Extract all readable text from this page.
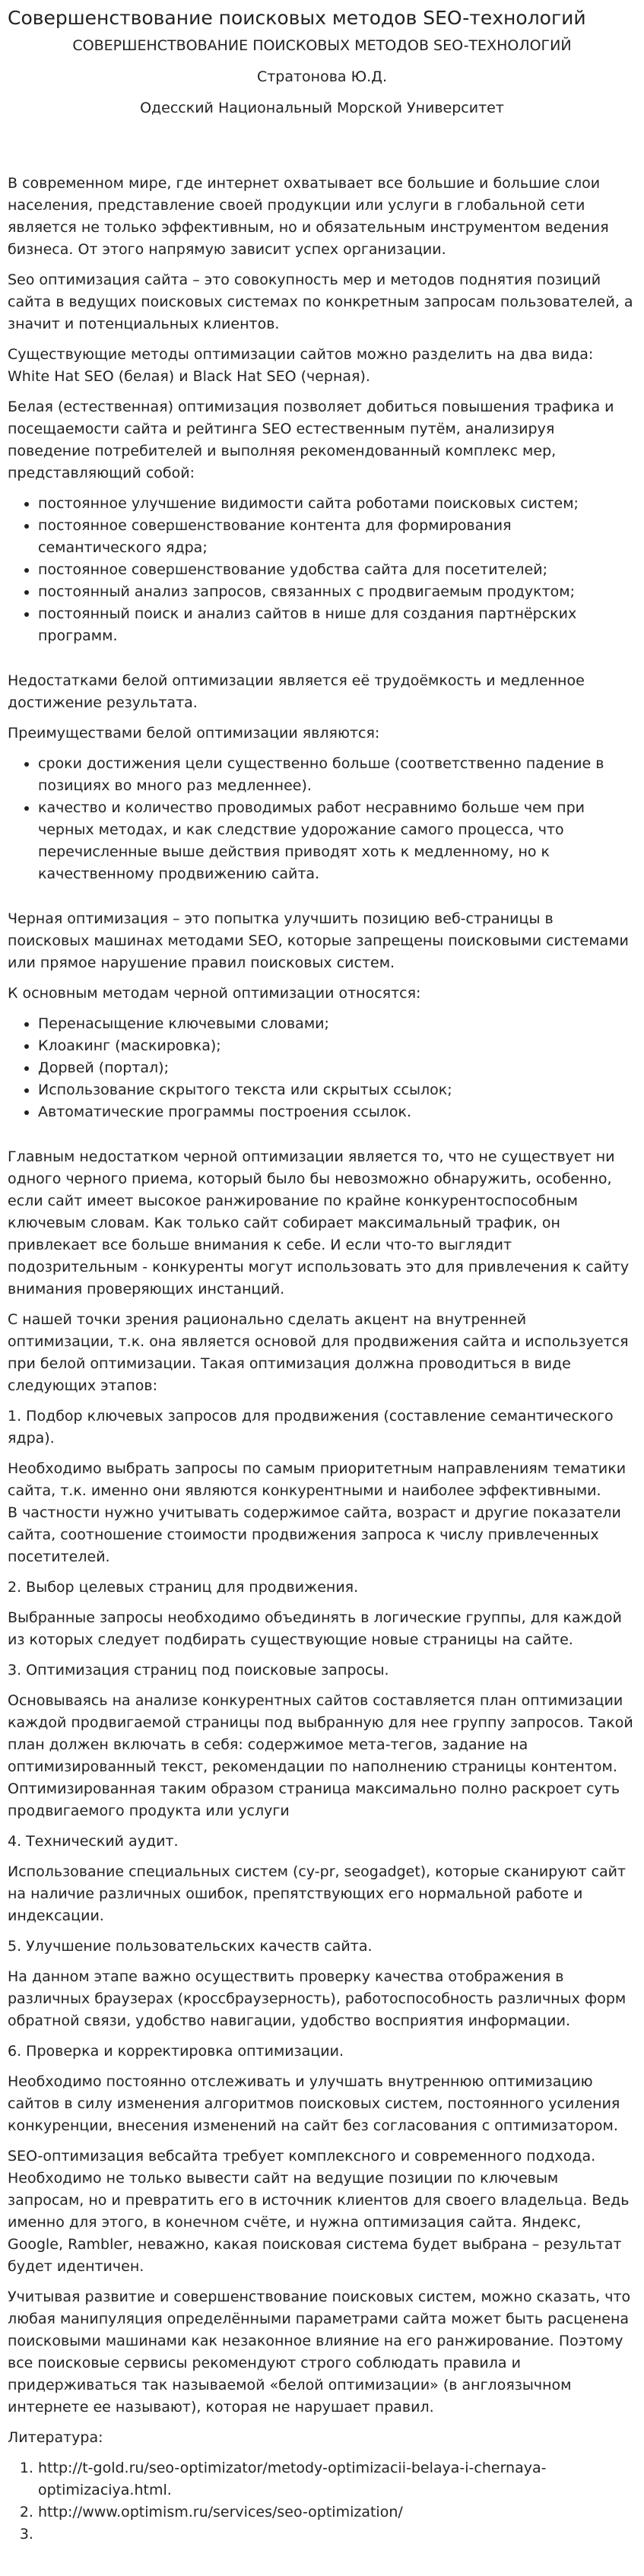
Совершенствование поисковых методов SEO-технологий

СОВЕРШЕНСТВОВАНИЕ ПОИСКОВЫХ МЕТОДОВ SEO-ТЕХНОЛОГИЙ

Стратонова Ю.Д.

Одесский Национальный Морской Университет

В современном мире, где интернет охватывает все большие и большие слои населения, представление своей продукции или услуги в глобальной сети является не только эффективным, но и обязательным инструментом ведения бизнеса. От этого напрямую зависит успех организации.

Seo оптимизация сайта – это совокупность мер и методов поднятия позиций сайта в ведущих поисковых системах по конкретным запросам пользователей, а значит и потенциальных клиентов.

Существующие методы оптимизации сайтов можно разделить на два вида: White Hat SEO (белая) и Black Hat SEO (черная).

Белая (естественная) оптимизация позволяет добиться повышения трафика и посещаемости сайта и рейтинга SEO естественным путём, анализируя поведение потребителей и выполняя рекомендованный комплекс мер, представляющий собой:

• постоянное улучшение видимости сайта роботами поисковых систем;
• постоянное совершенствование контента для формирования семантического ядра;
• постоянное совершенствование удобства сайта для посетителей;
• постоянный анализ запросов, связанных с продвигаемым продуктом;
• постоянный поиск и анализ сайтов в нише для создания партнёрских программ.

Недостатками белой оптимизации является её трудоёмкость и медленное достижение результата.

Преимуществами белой оптимизации являются:

• сроки достижения цели существенно больше (соответственно падение в позициях во много раз медленнее).
• качество и количество проводимых работ несравнимо больше чем при черных методах, и как следствие удорожание самого процесса, что перечисленные выше действия приводят хоть к медленному, но к качественному продвижению сайта.

Черная оптимизация – это попытка улучшить позицию веб-страницы в поисковых машинах методами SEO, которые запрещены поисковыми системами или прямое нарушение правил поисковых систем.

К основным методам черной оптимизации относятся:

• Перенасыщение ключевыми словами;
• Клоакинг (маскировка);
• Дорвей (портал);
• Использование скрытого текста или скрытых ссылок;
• Автоматические программы построения ссылок.

Главным недостатком черной оптимизации является то, что не существует ни одного черного приема, который было бы невозможно обнаружить, особенно, если сайт имеет высокое ранжирование по крайне конкурентоспособным ключевым словам. Как только сайт собирает максимальный трафик, он привлекает все больше внимания к себе. И если что-то выглядит подозрительным - конкуренты могут использовать это для привлечения к сайту внимания проверяющих инстанций.

С нашей точки зрения рационально сделать акцент на внутренней оптимизации, т.к. она является основой для продвижения сайта и используется при белой оптимизации. Такая оптимизация должна проводиться в виде следующих этапов:

1. Подбор ключевых запросов для продвижения (составление семантического ядра).

Необходимо выбрать запросы по самым приоритетным направлениям тематики сайта, т.к. именно они являются конкурентными и наиболее эффективными.
В частности нужно учитывать содержимое сайта, возраст и другие показатели сайта, соотношение стоимости продвижения запроса к числу привлеченных посетителей.

2. Выбор целевых страниц для продвижения.

Выбранные запросы необходимо объединять в логические группы, для каждой из которых следует подбирать существующие новые страницы на сайте.

3. Оптимизация страниц под поисковые запросы.

Основываясь на анализе конкурентных сайтов составляется план оптимизации каждой продвигаемой страницы под выбранную для нее группу запросов. Такой план должен включать в себя: содержимое мета-тегов, задание на оптимизированный текст, рекомендации по наполнению страницы контентом. Оптимизированная таким образом страница максимально полно раскроет суть продвигаемого продукта или услуги

4. Технический аудит.

Использование специальных систем (cy-pr, seogadget), которые сканируют сайт на наличие различных ошибок, препятствующих его нормальной работе и индексации.

5. Улучшение пользовательских качеств сайта.

На данном этапе важно осуществить проверку качества отображения в различных браузерах (кроссбраузерность), работоспособность различных форм обратной связи, удобство навигации, удобство восприятия информации.

6. Проверка и корректировка оптимизации.

Необходимо постоянно отслеживать и улучшать внутреннюю оптимизацию сайтов в силу изменения алгоритмов поисковых систем, постоянного усиления конкуренции, внесения изменений на сайт без согласования с оптимизатором.

SEO-оптимизация вебсайта требует комплексного и современного подхода. Необходимо не только вывести сайт на ведущие позиции по ключевым запросам, но и превратить его в источник клиентов для своего владельца. Ведь именно для этого, в конечном счёте, и нужна оптимизация сайта. Яндекс, Google, Rambler, неважно, какая поисковая система будет выбрана – результат будет идентичен.

Учитывая развитие и совершенствование поисковых систем, можно сказать, что любая манипуляция определёнными параметрами сайта может быть расценена поисковыми машинами как незаконное влияние на его ранжирование. Поэтому все поисковые сервисы рекомендуют строго соблюдать правила и придерживаться так называемой «белой оптимизации» (в англоязычном интернете ее называют), которая не нарушает правил.

Литература:

1. http://t-gold.ru/seo-optimizator/metody-optimizacii-belaya-i-chernaya-optimizaciya.html.
2. http://www.optimism.ru/services/seo-optimization/
3.
